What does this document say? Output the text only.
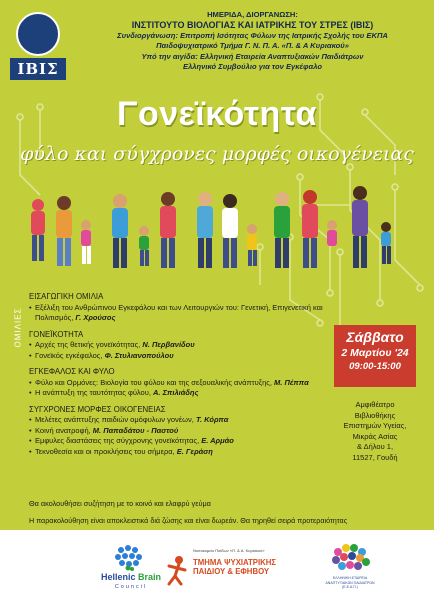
ΙΒΙΣ
ΗΜΕΡΙΔΑ, ΔΙΟΡΓΑΝΩΣΗ:
ΙΝΣΤΙΤΟΥΤΟ ΒΙΟΛΟΓΙΑΣ ΚΑΙ ΙΑΤΡΙΚΗΣ ΤΟΥ ΣΤΡΕΣ (ΙΒΙΣ)
Συνδιοργάνωση: Επιτροπή Ισότητας Φύλων της Ιατρικής Σχολής του ΕΚΠΑ
Παιδοψυχιατρικό Τμήμα Γ. Ν. Π. Α. «Π. & Α Κυριακού»
Υπό την αιγίδα: Ελληνική Εταιρεία Αναπτυξιακών Παιδιάτρων
Ελληνικό Συμβούλιο για τον Εγκέφαλο
Γονεϊκότητα
φύλο και σύγχρονες μορφές οικογένειας
ΟΜΙΛΙΕΣ
ΕΙΣΑΓΩΓΙΚΗ ΟΜΙΛΙΑ
• Εξέλιξη του Ανθρώπινου Εγκεφάλου και των Λειτουργιών του: Γενετική, Επιγενετική και Πολιτισμός, Γ. Χρούσος
ΓΟΝΕΪΚΟΤΗΤΑ
• Αρχές της θετικής γονεϊκότητας, Ν. Περβανίδου
• Γονεϊκός εγκέφαλος, Φ. Στυλιανοπούλου
ΕΓΚΕΦΑΛΟΣ ΚΑΙ ΦΥΛΟ
• Φύλο και Ορμόνες: Βιολογία του φύλου και της σεξουαλικής ανάπτυξης, Μ. Πέππα
• Η ανάπτυξη της ταυτότητας φύλου, Α. Σπιλιάδης
ΣΥΓΧΡΟΝΕΣ ΜΟΡΦΕΣ ΟΙΚΟΓΕΝΕΙΑΣ
• Μελέτες ανάπτυξης παιδιών ομόφυλων γονέων, Τ. Κόρπα
• Κοινή ανατροφή, Μ. Παπαδάτου - Παστού
• Εμφυλες διαστάσεις της σύγχρονης γονεϊκότητας, Ε. Αρμάο
• Τεκνοθεσία και οι προκλήσεις του σήμερα, Ε. Γεράση
Σάββατο
2 Μαρτίου '24
09:00-15:00
Αμφιθέατρο
Βιβλιοθήκης
Επιστημών Υγείας,
Μικράς Ασίας
& Δήλου 1,
11527, Γουδή
Θα ακολουθήσει συζήτηση με το κοινό και ελαφρύ γεύμα
Η παρακολούθηση είναι αποκλειστικά διά ζώσης και είναι δωρεάν. Θα τηρηθεί σειρά προτεραιότητας
Hellenic Brain
Council
Νοσοκομείο Παίδων «Π. & Α. Κυριακού»
ΤΜΗΜΑ ΨΥΧΙΑΤΡΙΚΗΣ
ΠΑΙΔΙΟΥ & ΕΦΗΒΟΥ
ΕΛΛΗΝΙΚΗ ΕΤΑΙΡΕΙΑ ΑΝΑΠΤΥΞΙΑΚΩΝ ΠΑΙΔΙΑΤΡΩΝ (Ε.Ε.Α.Π.)
